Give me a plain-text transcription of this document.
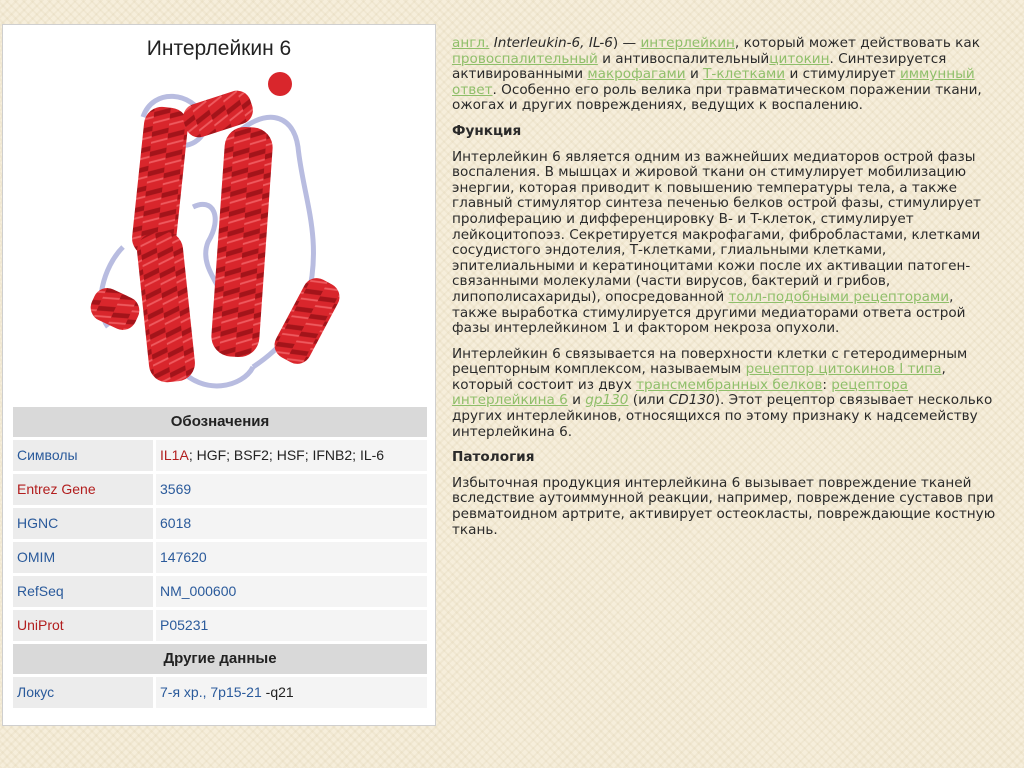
Интерлейкин 6
Обозначения
Символы	IL1A; HGF; BSF2; HSF; IFNB2; IL-6
Entrez Gene	3569
HGNC	6018
OMIM	147620
RefSeq	NM_000600
UniProt	P05231
Другие данные
Локус	7-я хр., 7p15-21 -q21

англ. Interleukin-6, IL-6) — интерлейкин, который может действовать как провоспалительный и антивоспалительныйцитокин. Синтезируется активированными макрофагами и Т-клетками и стимулирует иммунный ответ. Особенно его роль велика при травматическом поражении ткани, ожогах и других повреждениях, ведущих к воспалению.

Функция

Интерлейкин 6 является одним из важнейших медиаторов острой фазы воспаления. В мышцах и жировой ткани он стимулирует мобилизацию энергии, которая приводит к повышению температуры тела, а также главный стимулятор синтеза печенью белков острой фазы, стимулирует пролиферацию и дифференцировку B- и T-клеток, стимулирует лейкоцитопоэз. Секретируется макрофагами, фибробластами, клетками сосудистого эндотелия, Т-клетками, глиальными клетками, эпителиальными и кератиноцитами кожи после их активации патоген-связанными молекулами (части вирусов, бактерий и грибов, липополисахариды), опосредованной толл-подобными рецепторами, также выработка стимулируется другими медиаторами ответа острой фазы интерлейкином 1 и фактором некроза опухоли.

Интерлейкин 6 связывается на поверхности клетки с гетеродимерным рецепторным комплексом, называемым рецептор цитокинов I типа, который состоит из двух трансмембранных белков: рецептора интерлейкина 6 и gp130 (или CD130). Этот рецептор связывает несколько других интерлейкинов, относящихся по этому признаку к надсемейству интерлейкина 6.

Патология

Избыточная продукция интерлейкина 6 вызывает повреждение тканей вследствие аутоиммунной реакции, например, повреждение суставов при ревматоидном артрите, активирует остеокласты, повреждающие костную ткань.
